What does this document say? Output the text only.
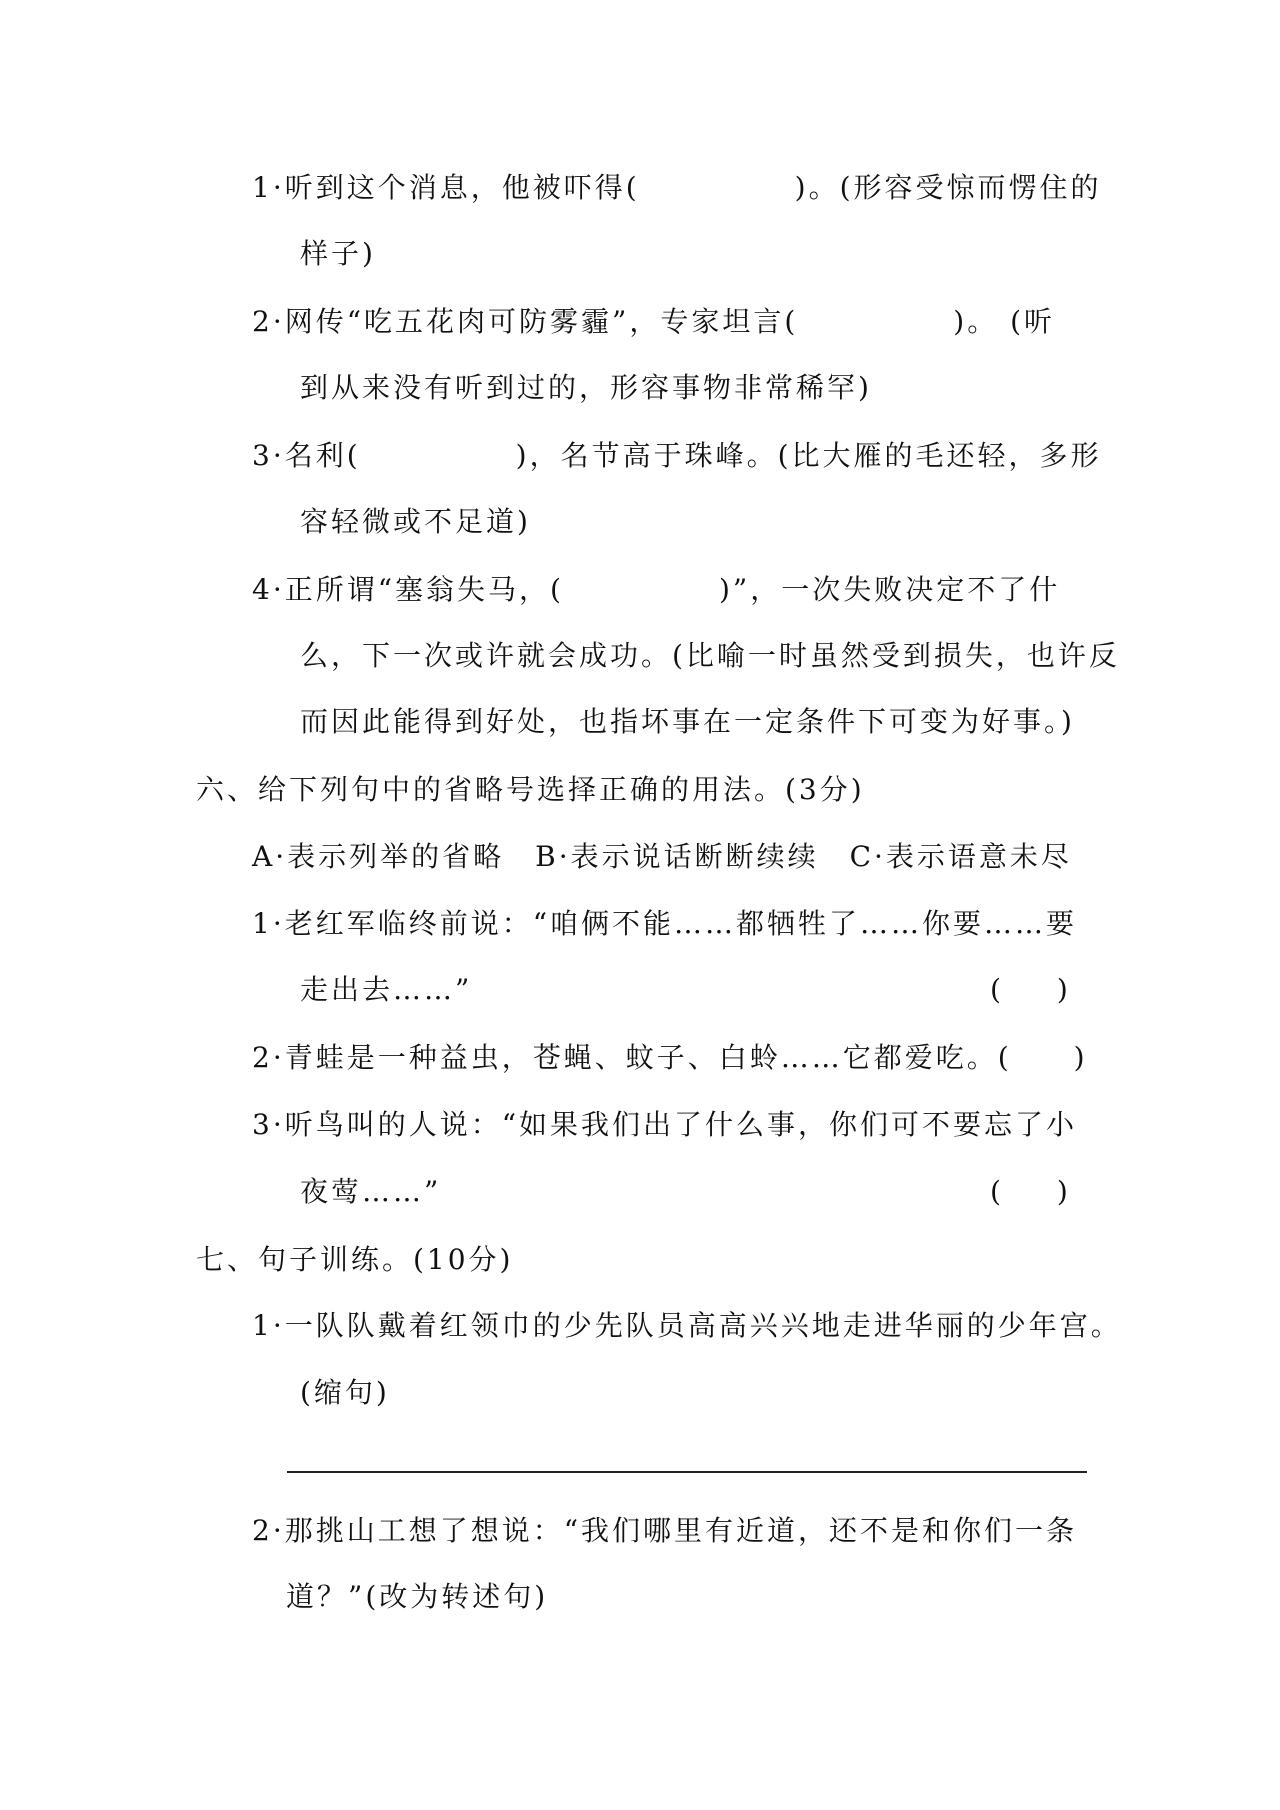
1·听到这个消息，他被吓得(　　　　　)。(形容受惊而愣住的
样子)
2·网传“吃五花肉可防雾霾”，专家坦言(　　　　　)。 (听
到从来没有听到过的，形容事物非常稀罕)
3·名利(　　　　　)，名节高于珠峰。(比大雁的毛还轻，多形
容轻微或不足道)
4·正所谓“塞翁失马，(　　　　　)”，一次失败决定不了什
么，下一次或许就会成功。(比喻一时虽然受到损失，也许反
而因此能得到好处，也指坏事在一定条件下可变为好事。)
六、给下列句中的省略号选择正确的用法。(3分)
A·表示列举的省略　B·表示说话断断续续　C·表示语意未尽
1·老红军临终前说：“咱俩不能……都牺牲了……你要……要
走出去……”	(　　)
2·青蛙是一种益虫，苍蝇、蚊子、白蛉……它都爱吃。(　　)
3·听鸟叫的人说：“如果我们出了什么事，你们可不要忘了小
夜莺……”	(　　)
七、句子训练。(10分)
1·一队队戴着红领巾的少先队员高高兴兴地走进华丽的少年宫。
(缩句)
2·那挑山工想了想说：“我们哪里有近道，还不是和你们一条
道？”(改为转述句)
